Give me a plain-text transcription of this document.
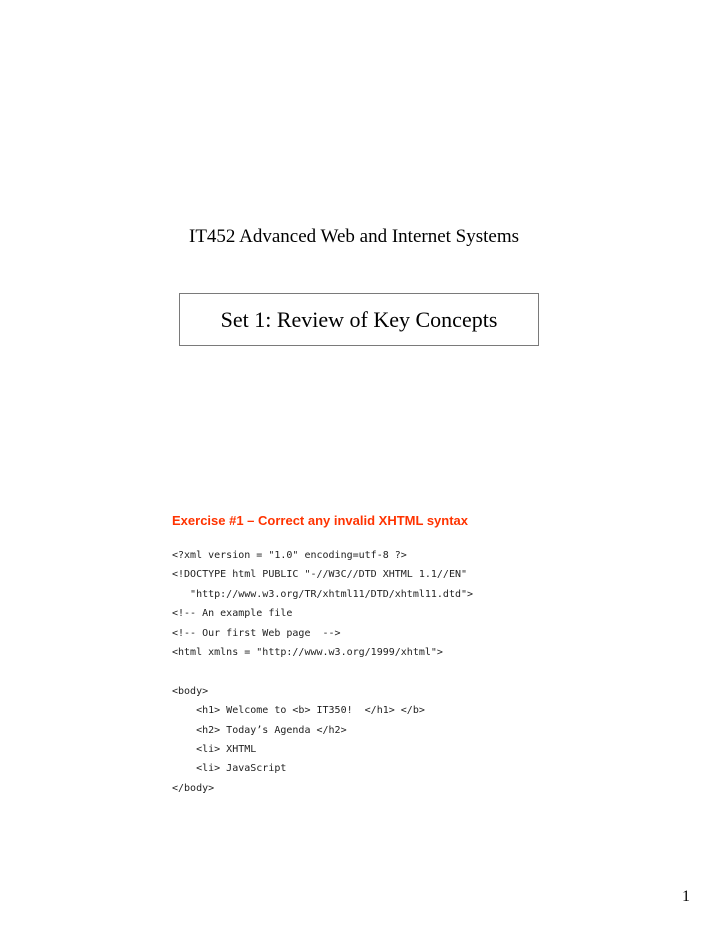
IT452 Advanced Web and Internet Systems
Set 1: Review of Key Concepts
Exercise #1 – Correct any invalid XHTML syntax
<?xml version = "1.0" encoding=utf-8 ?>
<!DOCTYPE html PUBLIC "-//W3C//DTD XHTML 1.1//EN"
"http://www.w3.org/TR/xhtml11/DTD/xhtml11.dtd">
<!-- An example file
<!-- Our first Web page  -->
<html xmlns = "http://www.w3.org/1999/xhtml">
<body>
<h1> Welcome to <b> IT350!  </h1> </b>
<h2> Today’s Agenda </h2>
<li> XHTML
<li> JavaScript
</body>
1
